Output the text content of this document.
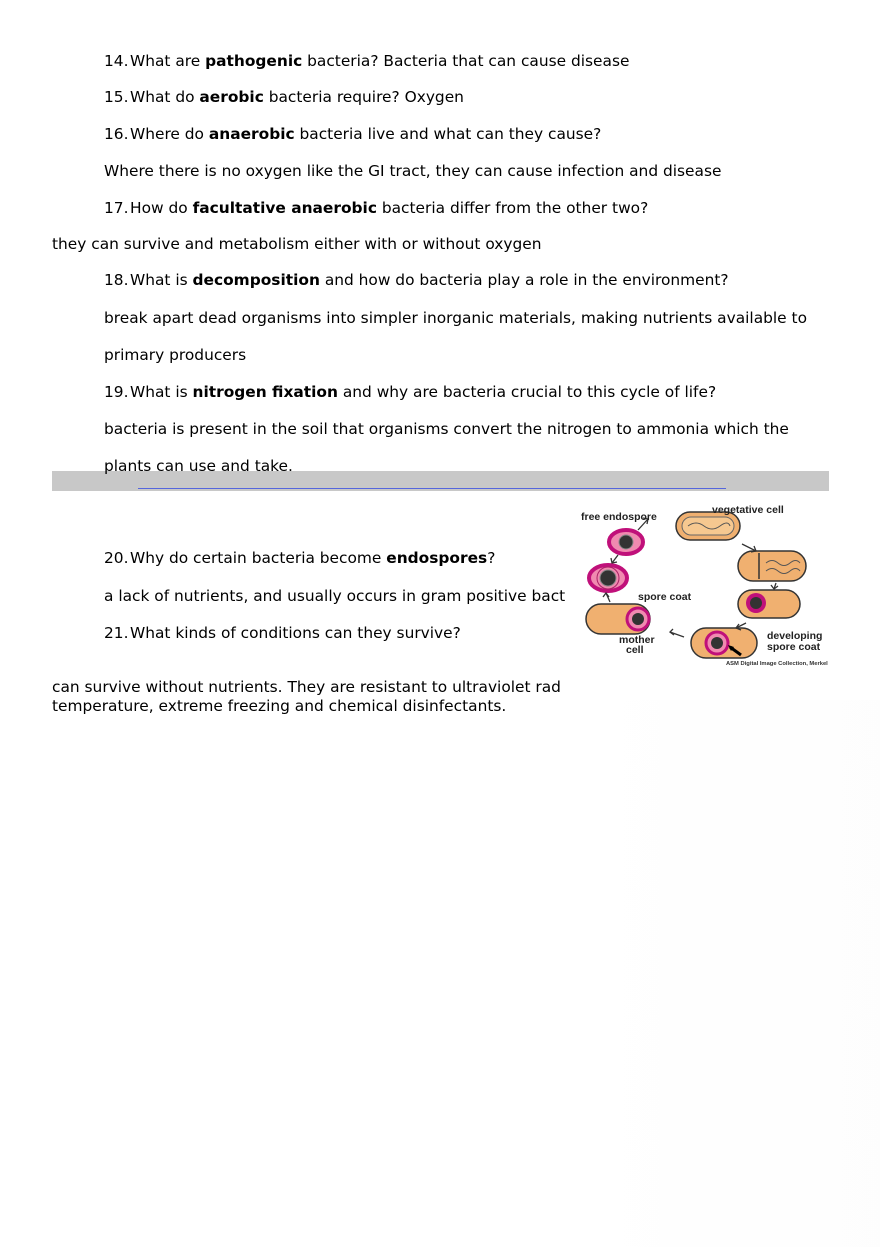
14.What are pathogenic bacteria? Bacteria that can cause disease
15.What do aerobic bacteria require? Oxygen
16.Where do anaerobic bacteria live and what can they cause?
Where there is no oxygen like the GI tract, they can cause infection and disease
17.How do facultative anaerobic bacteria differ from the other two?
they can survive and metabolism either with or without oxygen
18.What is decomposition and how do bacteria play a role in the environment?
break apart dead organisms into simpler inorganic materials, making nutrients available to
primary producers
19.What is nitrogen fixation and why are bacteria crucial to this cycle of life?
bacteria is present in the soil that organisms convert the nitrogen to ammonia which the
plants can use and take.
20.Why do certain bacteria become endospores?
a lack of nutrients, and usually occurs in gram positive bact
21.What kinds of conditions can they survive?
can survive without nutrients. They are resistant to ultraviolet rad
temperature, extreme freezing and chemical disinfectants.
free endospore
vegetative cell
spore coat
mother
cell
developing
spore coat
ASM Digital Image Collection, Merkel
